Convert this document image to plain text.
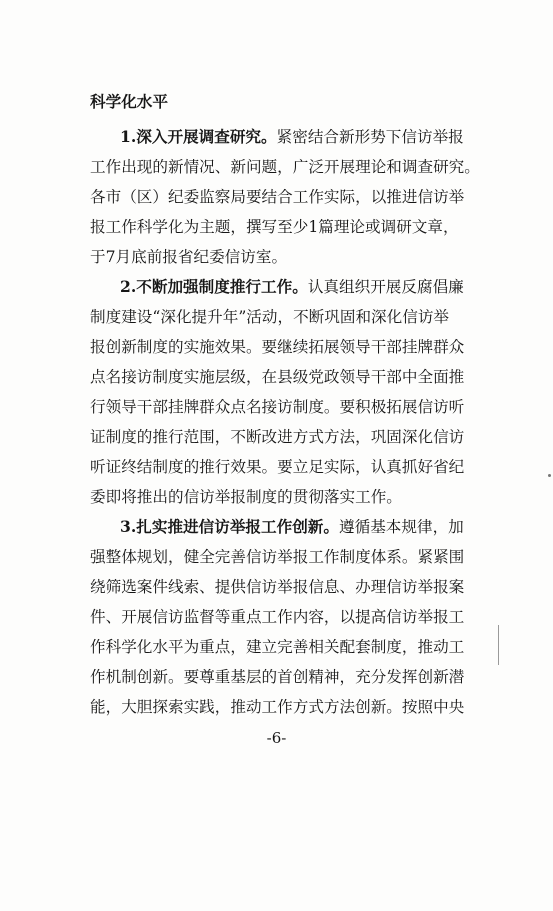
科学化水平
1.深入开展调查研究。紧密结合新形势下信访举报
工作出现的新情况、新问题，广泛开展理论和调查研究。
各市（区）纪委监察局要结合工作实际，以推进信访举
报工作科学化为主题，撰写至少1篇理论或调研文章，
于7月底前报省纪委信访室。
2.不断加强制度推行工作。认真组织开展反腐倡廉
制度建设“深化提升年”活动，不断巩固和深化信访举
报创新制度的实施效果。要继续拓展领导干部挂牌群众
点名接访制度实施层级，在县级党政领导干部中全面推
行领导干部挂牌群众点名接访制度。要积极拓展信访听
证制度的推行范围，不断改进方式方法，巩固深化信访
听证终结制度的推行效果。要立足实际，认真抓好省纪
委即将推出的信访举报制度的贯彻落实工作。
3.扎实推进信访举报工作创新。遵循基本规律，加
强整体规划，健全完善信访举报工作制度体系。紧紧围
绕筛选案件线索、提供信访举报信息、办理信访举报案
件、开展信访监督等重点工作内容，以提高信访举报工
作科学化水平为重点，建立完善相关配套制度，推动工
作机制创新。要尊重基层的首创精神，充分发挥创新潜
能，大胆探索实践，推动工作方式方法创新。按照中央
-6-
